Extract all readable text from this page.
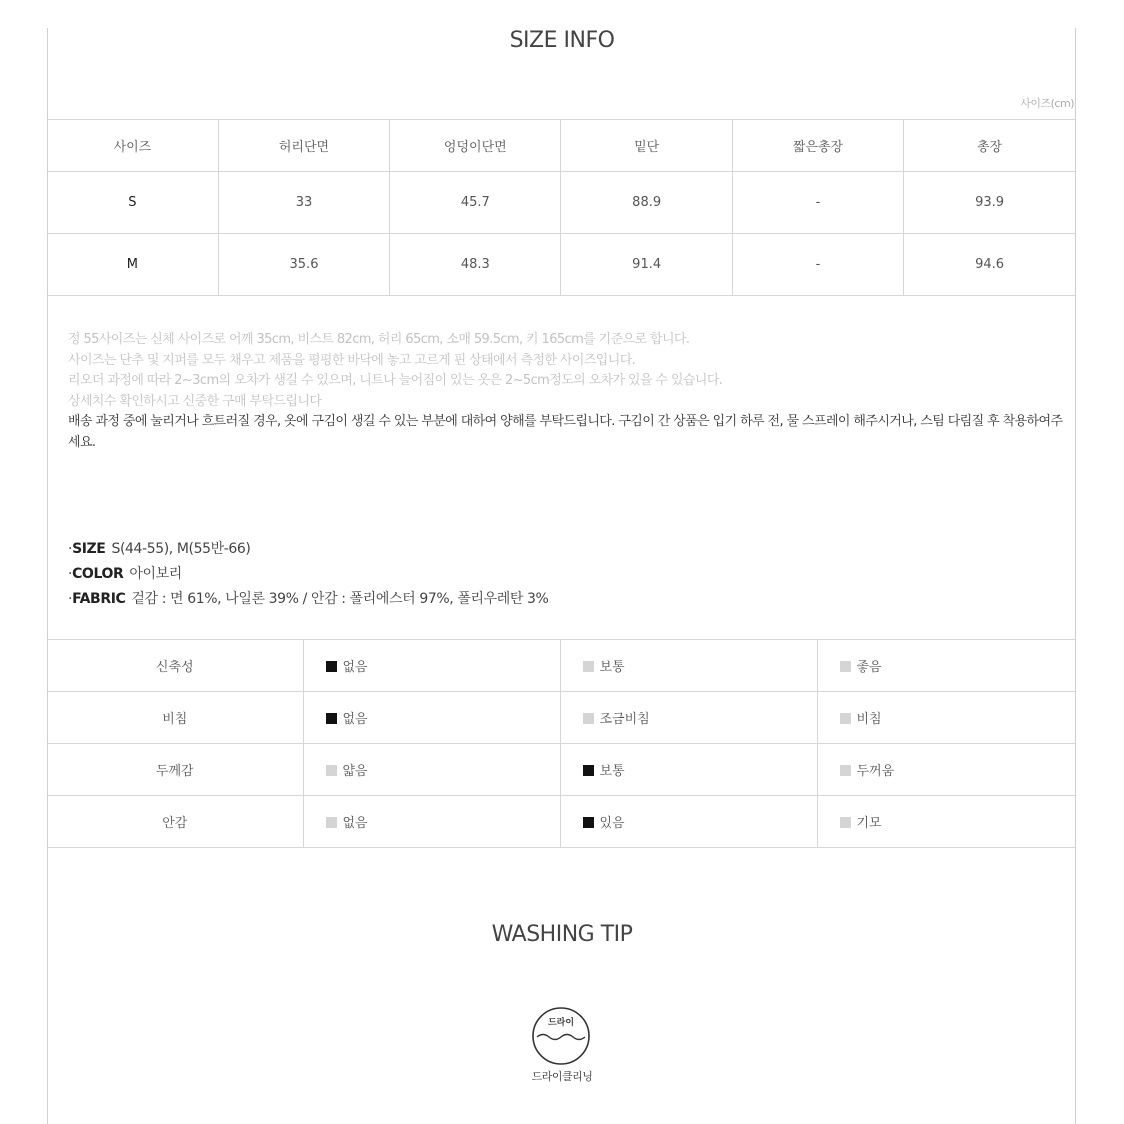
SIZE INFO
사이즈(cm)
사이즈	허리단면	엉덩이단면	밑단	짧은총장	총장
S	33	45.7	88.9	-	93.9
M	35.6	48.3	91.4	-	94.6
정 55사이즈는 신체 사이즈로 어깨 35cm, 비스트 82cm, 허리 65cm, 소매 59.5cm, 키 165cm를 기준으로 합니다.
사이즈는 단추 및 지퍼를 모두 채우고 제품을 평평한 바닥에 놓고 고르게 핀 상태에서 측정한 사이즈입니다.
리오더 과정에 따라 2~3cm의 오차가 생길 수 있으며, 니트나 늘어짐이 있는 옷은 2~5cm정도의 오차가 있을 수 있습니다.
상세치수 확인하시고 신중한 구매 부탁드립니다
배송 과정 중에 눌리거나 흐트러질 경우, 옷에 구김이 생길 수 있는 부분에 대하여 양해를 부탁드립니다. 구김이 간 상품은 입기 하루 전, 물 스프레이 해주시거나, 스팀 다림질 후 착용하여주세요.
·SIZE S(44-55), M(55반-66)
·COLOR 아이보리
·FABRIC 겉감 : 면 61%, 나일론 39% / 안감 : 폴리에스터 97%, 폴리우레탄 3%
신축성	없음	보통	좋음
비침	없음	조금비침	비침
두께감	얇음	보통	두꺼움
안감	없음	있음	기모
WASHING TIP
드라이
드라이클리닝
